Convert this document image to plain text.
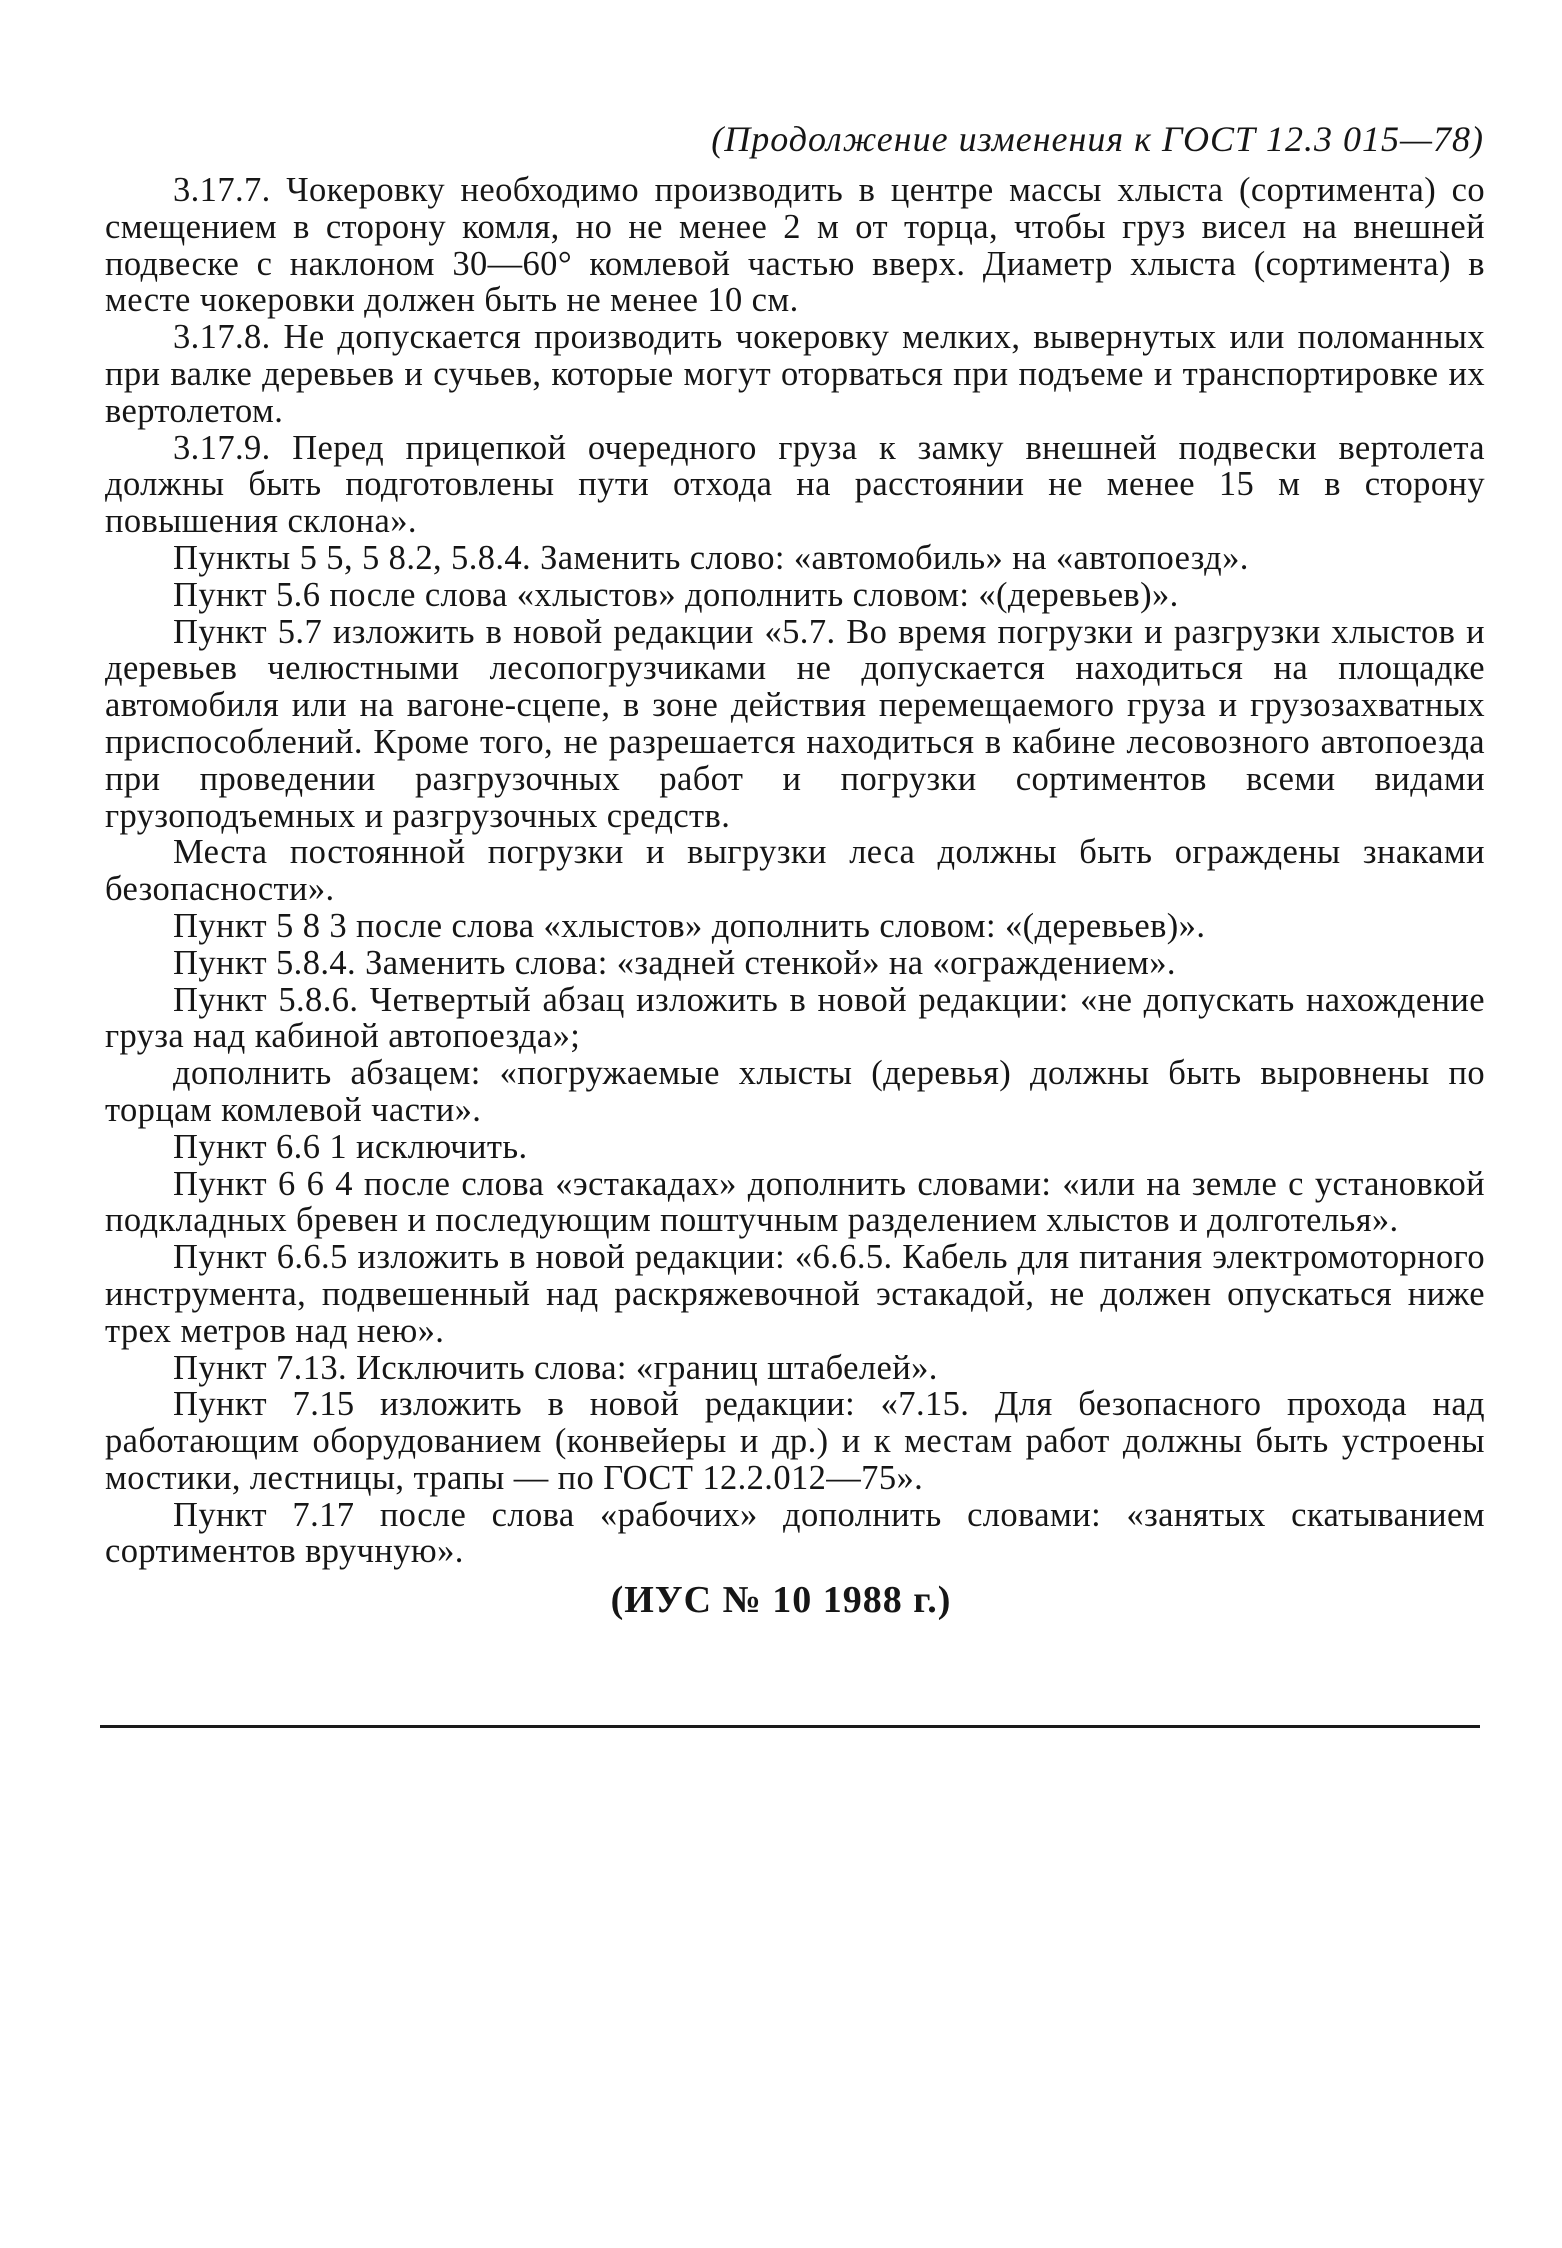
(Продолжение изменения к ГОСТ 12.3 015—78)

3.17.7. Чокеровку необходимо производить в центре массы хлыста (сортимента) со смещением в сторону комля, но не менее 2 м от торца, чтобы груз висел на внешней подвеске с наклоном 30—60° комлевой частью вверх. Диаметр хлыста (сортимента) в месте чокеровки должен быть не менее 10 см.

3.17.8. Не допускается производить чокеровку мелких, вывернутых или поломанных при валке деревьев и сучьев, которые могут оторваться при подъеме и транспортировке их вертолетом.

3.17.9. Перед прицепкой очередного груза к замку внешней подвески вертолета должны быть подготовлены пути отхода на расстоянии не менее 15 м в сторону повышения склона».

Пункты 5 5, 5 8.2, 5.8.4. Заменить слово: «автомобиль» на «автопоезд».

Пункт 5.6 после слова «хлыстов» дополнить словом: «(деревьев)».

Пункт 5.7 изложить в новой редакции «5.7. Во время погрузки и разгрузки хлыстов и деревьев челюстными лесопогрузчиками не допускается находиться на площадке автомобиля или на вагоне-сцепе, в зоне действия перемещаемого груза и грузозахватных приспособлений. Кроме того, не разрешается находиться в кабине лесовозного автопоезда при проведении разгрузочных работ и погрузки сортиментов всеми видами грузоподъемных и разгрузочных средств.

Места постоянной погрузки и выгрузки леса должны быть ограждены знаками безопасности».

Пункт 5 8 3 после слова «хлыстов» дополнить словом: «(деревьев)».

Пункт 5.8.4. Заменить слова: «задней стенкой» на «ограждением».

Пункт 5.8.6. Четвертый абзац изложить в новой редакции: «не допускать нахождение груза над кабиной автопоезда»;

дополнить абзацем: «погружаемые хлысты (деревья) должны быть выровнены по торцам комлевой части».

Пункт 6.6 1 исключить.

Пункт 6 6 4 после слова «эстакадах» дополнить словами: «или на земле с установкой подкладных бревен и последующим поштучным разделением хлыстов и долготелья».

Пункт 6.6.5 изложить в новой редакции: «6.6.5. Кабель для питания электромоторного инструмента, подвешенный над раскряжевочной эстакадой, не должен опускаться ниже трех метров над нею».

Пункт 7.13. Исключить слова: «границ штабелей».

Пункт 7.15 изложить в новой редакции: «7.15. Для безопасного прохода над работающим оборудованием (конвейеры и др.) и к местам работ должны быть устроены мостики, лестницы, трапы — по ГОСТ 12.2.012—75».

Пункт 7.17 после слова «рабочих» дополнить словами: «занятых скатыванием сортиментов вручную».

(ИУС № 10 1988 г.)
